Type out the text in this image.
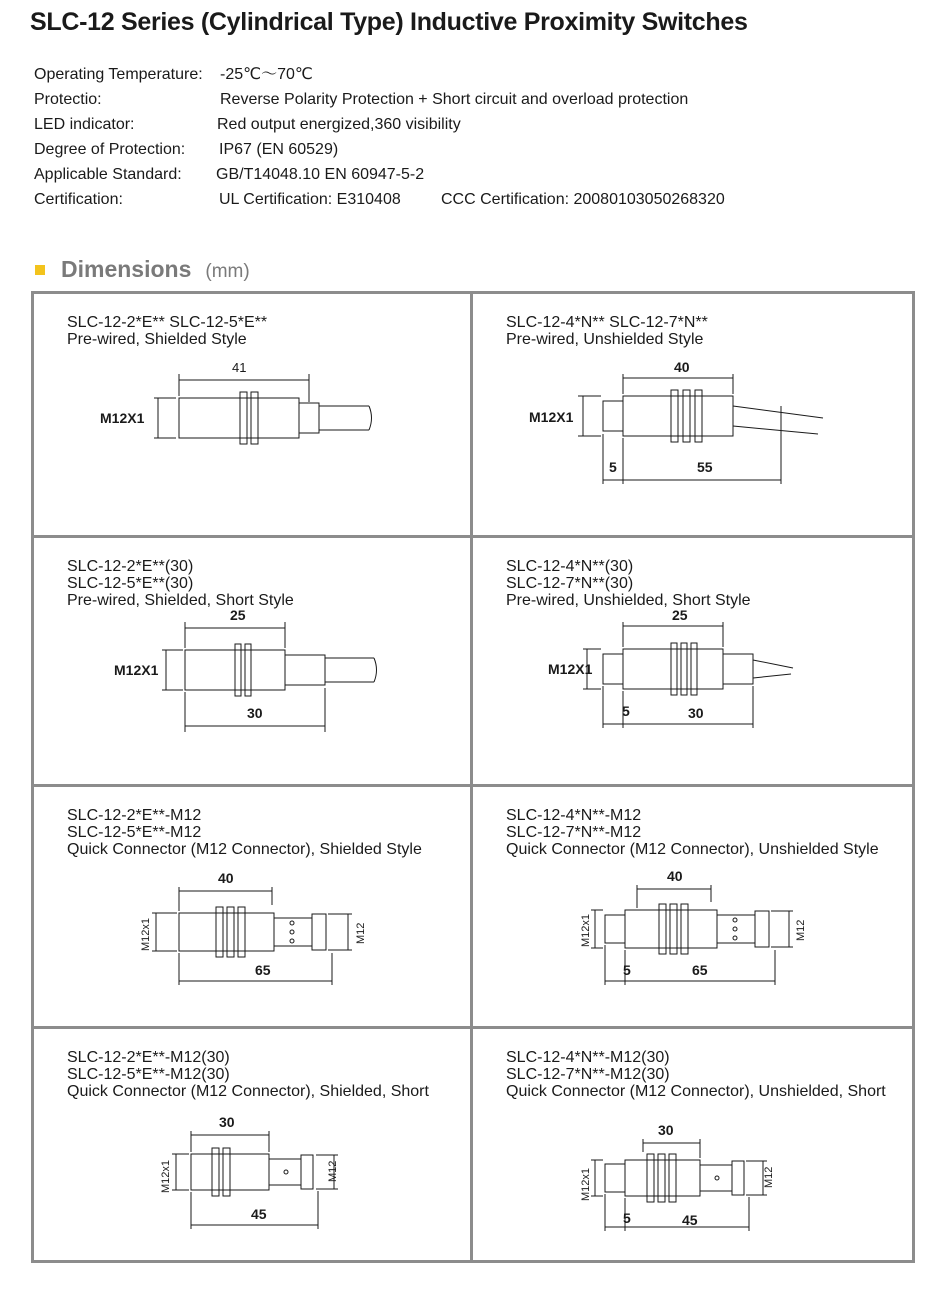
SLC-12 Series (Cylindrical Type) Inductive Proximity Switches
Operating Temperature: -25℃～70℃
Protectio:	Reverse Polarity Protection + Short circuit and overload protection
LED indicator:	Red output energized,360 visibility
Degree of Protection: IP67 (EN 60529)
Applicable Standard: GB/T14048.10 EN 60947-5-2
Certification:	UL Certification: E310408	CCC Certification: 20080103050268320
Dimensions (mm)
SLC-12-2*E** SLC-12-5*E**
Pre-wired, Shielded Style
41
M12X1
SLC-12-4*N** SLC-12-7*N**
Pre-wired, Unshielded Style
40
M12X1
5	55
SLC-12-2*E**(30)
SLC-12-5*E**(30)
Pre-wired, Shielded, Short Style
25
M12X1
30
SLC-12-4*N**(30)
SLC-12-7*N**(30)
Pre-wired, Unshielded, Short Style
25
M12X1
5	30
SLC-12-2*E**-M12
SLC-12-5*E**-M12
Quick Connector (M12 Connector), Shielded Style
40
65
M12x1	M12
SLC-12-4*N**-M12
SLC-12-7*N**-M12
Quick Connector (M12 Connector), Unshielded Style
40
5	65
M12x1	M12
SLC-12-2*E**-M12(30)
SLC-12-5*E**-M12(30)
Quick Connector (M12 Connector), Shielded, Short
30
45
M12x1	M12
SLC-12-4*N**-M12(30)
SLC-12-7*N**-M12(30)
Quick Connector (M12 Connector), Unshielded, Short
30
5	45
M12x1	M12
